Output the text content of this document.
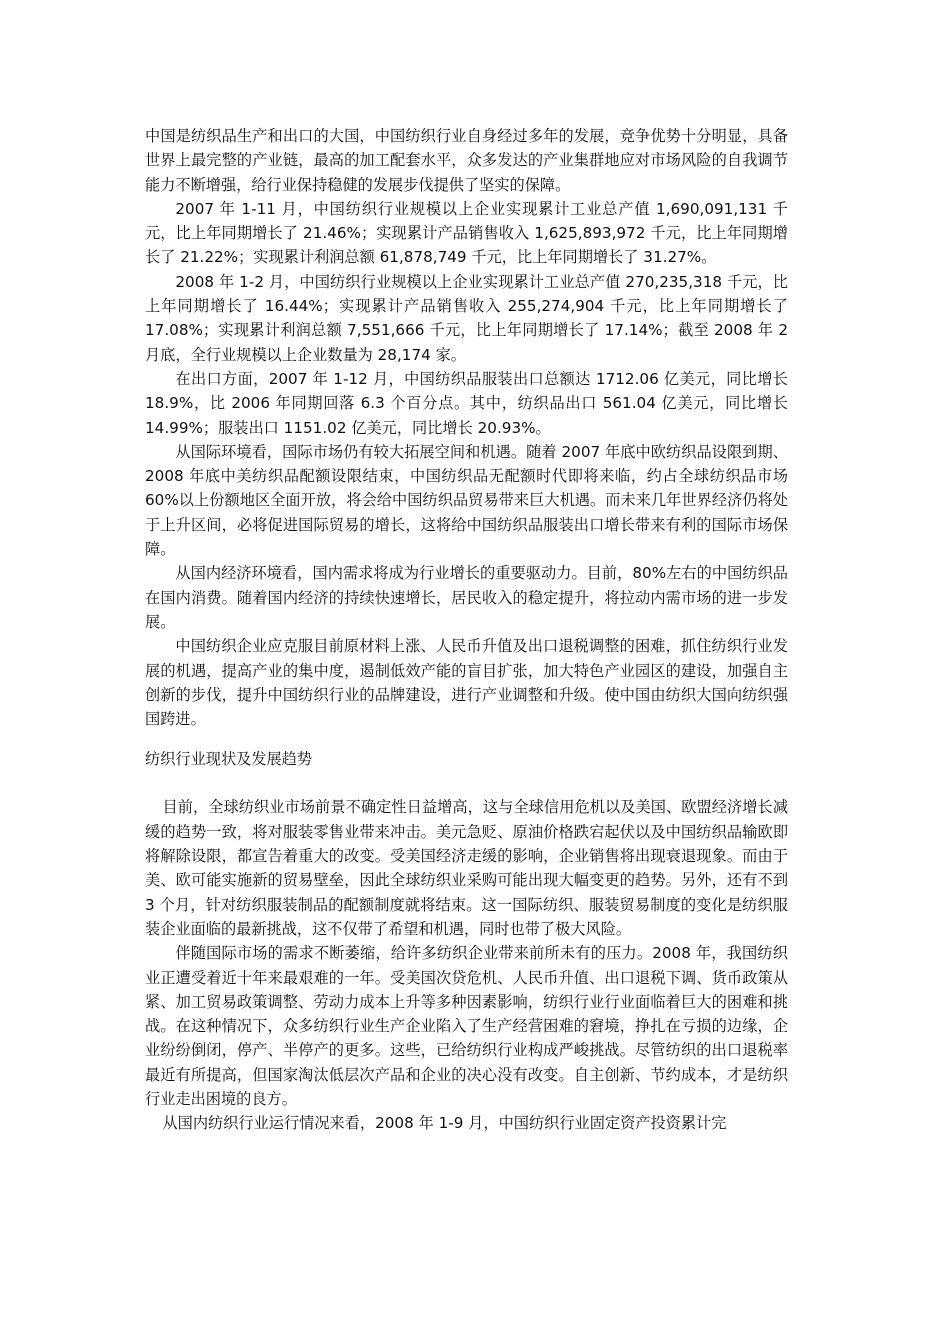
中国是纺织品生产和出口的大国，中国纺织行业自身经过多年的发展，竞争优势十分明显，具备世界上最完整的产业链，最高的加工配套水平，众多发达的产业集群地应对市场风险的自我调节能力不断增强，给行业保持稳健的发展步伐提供了坚实的保障。

2007 年 1-11 月，中国纺织行业规模以上企业实现累计工业总产值 1,690,091,131 千元，比上年同期增长了 21.46%；实现累计产品销售收入 1,625,893,972 千元，比上年同期增长了 21.22%；实现累计利润总额 61,878,749 千元，比上年同期增长了 31.27%。

2008 年 1-2 月，中国纺织行业规模以上企业实现累计工业总产值 270,235,318 千元，比上年同期增长了 16.44%；实现累计产品销售收入 255,274,904 千元，比上年同期增长了 17.08%；实现累计利润总额 7,551,666 千元，比上年同期增长了 17.14%；截至 2008 年 2 月底，全行业规模以上企业数量为 28,174 家。

在出口方面，2007 年 1-12 月，中国纺织品服装出口总额达 1712.06 亿美元，同比增长 18.9%，比 2006 年同期回落 6.3 个百分点。其中，纺织品出口 561.04 亿美元，同比增长 14.99%；服装出口 1151.02 亿美元，同比增长 20.93%。

从国际环境看，国际市场仍有较大拓展空间和机遇。随着 2007 年底中欧纺织品设限到期、2008 年底中美纺织品配额设限结束，中国纺织品无配额时代即将来临，约占全球纺织品市场 60%以上份额地区全面开放，将会给中国纺织品贸易带来巨大机遇。而未来几年世界经济仍将处于上升区间，必将促进国际贸易的增长，这将给中国纺织品服装出口增长带来有利的国际市场保障。

从国内经济环境看，国内需求将成为行业增长的重要驱动力。目前，80%左右的中国纺织品在国内消费。随着国内经济的持续快速增长，居民收入的稳定提升，将拉动内需市场的进一步发展。

中国纺织企业应克服目前原材料上涨、人民币升值及出口退税调整的困难，抓住纺织行业发展的机遇，提高产业的集中度，遏制低效产能的盲目扩张，加大特色产业园区的建设，加强自主创新的步伐，提升中国纺织行业的品牌建设，进行产业调整和升级。使中国由纺织大国向纺织强国跨进。

纺织行业现状及发展趋势

目前，全球纺织业市场前景不确定性日益增高，这与全球信用危机以及美国、欧盟经济增长减缓的趋势一致，将对服装零售业带来冲击。美元急贬、原油价格跌宕起伏以及中国纺织品输欧即将解除设限，都宣告着重大的改变。受美国经济走缓的影响，企业销售将出现衰退现象。而由于美、欧可能实施新的贸易壁垒，因此全球纺织业采购可能出现大幅变更的趋势。另外，还有不到 3 个月，针对纺织服装制品的配额制度就将结束。这一国际纺织、服装贸易制度的变化是纺织服装企业面临的最新挑战，这不仅带了希望和机遇，同时也带了极大风险。

伴随国际市场的需求不断萎缩，给许多纺织企业带来前所未有的压力。2008 年，我国纺织业正遭受着近十年来最艰难的一年。受美国次贷危机、人民币升值、出口退税下调、货币政策从紧、加工贸易政策调整、劳动力成本上升等多种因素影响，纺织行业行业面临着巨大的困难和挑战。在这种情况下，众多纺织行业生产企业陷入了生产经营困难的窘境，挣扎在亏损的边缘，企业纷纷倒闭，停产、半停产的更多。这些，已给纺织行业构成严峻挑战。尽管纺织的出口退税率最近有所提高，但国家淘汰低层次产品和企业的决心没有改变。自主创新、节约成本，才是纺织行业走出困境的良方。

从国内纺织行业运行情况来看，2008 年 1-9 月，中国纺织行业固定资产投资累计完
